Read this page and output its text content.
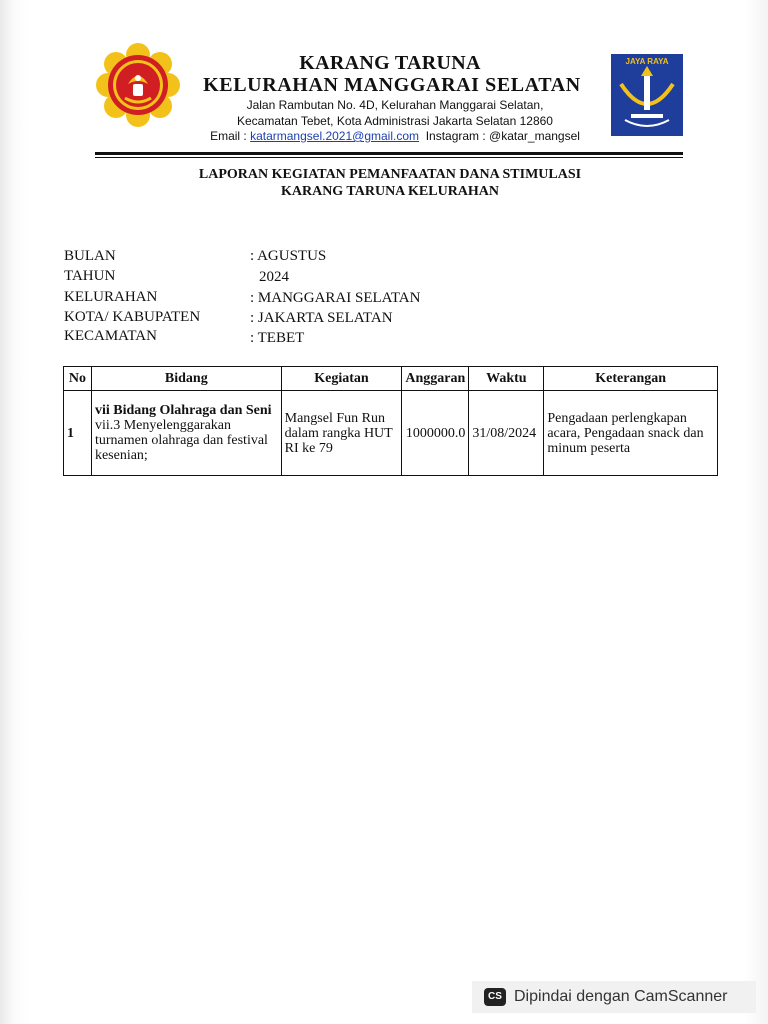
JAYA RAYA
KARANG TARUNA
KELURAHAN MANGGARAI SELATAN
Jalan Rambutan No. 4D, Kelurahan Manggarai Selatan,
Kecamatan Tebet, Kota Administrasi Jakarta Selatan 12860
Email : katarmangsel.2021@gmail.com Instagram : @katar_mangsel
LAPORAN KEGIATAN PEMANFAATAN DANA STIMULASI
KARANG TARUNA KELURAHAN
BULAN	: AGUSTUS
TAHUN	2024
KELURAHAN	: MANGGARAI SELATAN
KOTA/ KABUPATEN	: JAKARTA SELATAN
KECAMATAN	: TEBET
No	Bidang	Kegiatan	Anggaran	Waktu	Keterangan
1	vii Bidang Olahraga dan Seni
vii.3 Menyelenggarakan turnamen olahraga dan festival kesenian;	Mangsel Fun Run dalam rangka HUT RI ke 79	1000000.0	31/08/2024	Pengadaan perlengkapan acara, Pengadaan snack dan minum peserta
CS Dipindai dengan CamScanner
